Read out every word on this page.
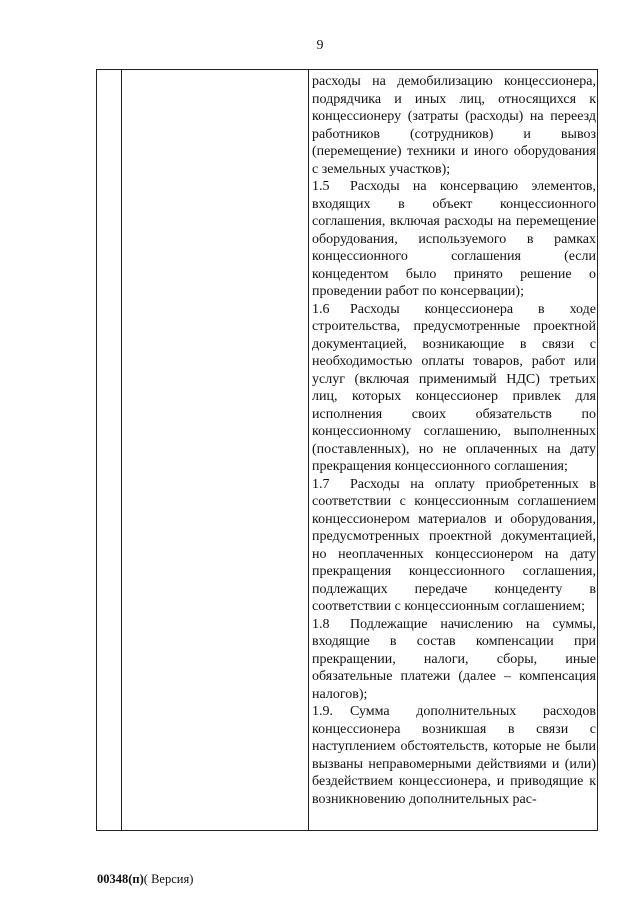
9

расходы на демобилизацию концессионера, подрядчика и иных лиц, относящихся к концессионеру (затраты (расходы) на переезд работников (сотрудников) и вывоз (перемещение) техники и иного оборудования с земельных участков);

1.5 Расходы на консервацию элементов, входящих в объект концессионного соглашения, включая расходы на перемещение оборудования, используемого в рамках концессионного соглашения (если концедентом было принято решение о проведении работ по консервации);

1.6 Расходы концессионера в ходе строительства, предусмотренные проектной документацией, возникающие в связи с необходимостью оплаты товаров, работ или услуг (включая применимый НДС) третьих лиц, которых концессионер привлек для исполнения своих обязательств по концессионному соглашению, выполненных (поставленных), но не оплаченных на дату прекращения концессионного соглашения;

1.7 Расходы на оплату приобретенных в соответствии с концессионным соглашением концессионером материалов и оборудования, предусмотренных проектной документацией, но неоплаченных концессионером на дату прекращения концессионного соглашения, подлежащих передаче концеденту в соответствии с концессионным соглашением;

1.8 Подлежащие начислению на суммы, входящие в состав компенсации при прекращении, налоги, сборы, иные обязательные платежи (далее – компенсация налогов);

1.9. Сумма дополнительных расходов концессионера возникшая в связи с наступлением обстоятельств, которые не были вызваны неправомерными действиями и (или) бездействием концессионера, и приводящие к возникновению дополнительных рас-

00348(п)( Версия)
